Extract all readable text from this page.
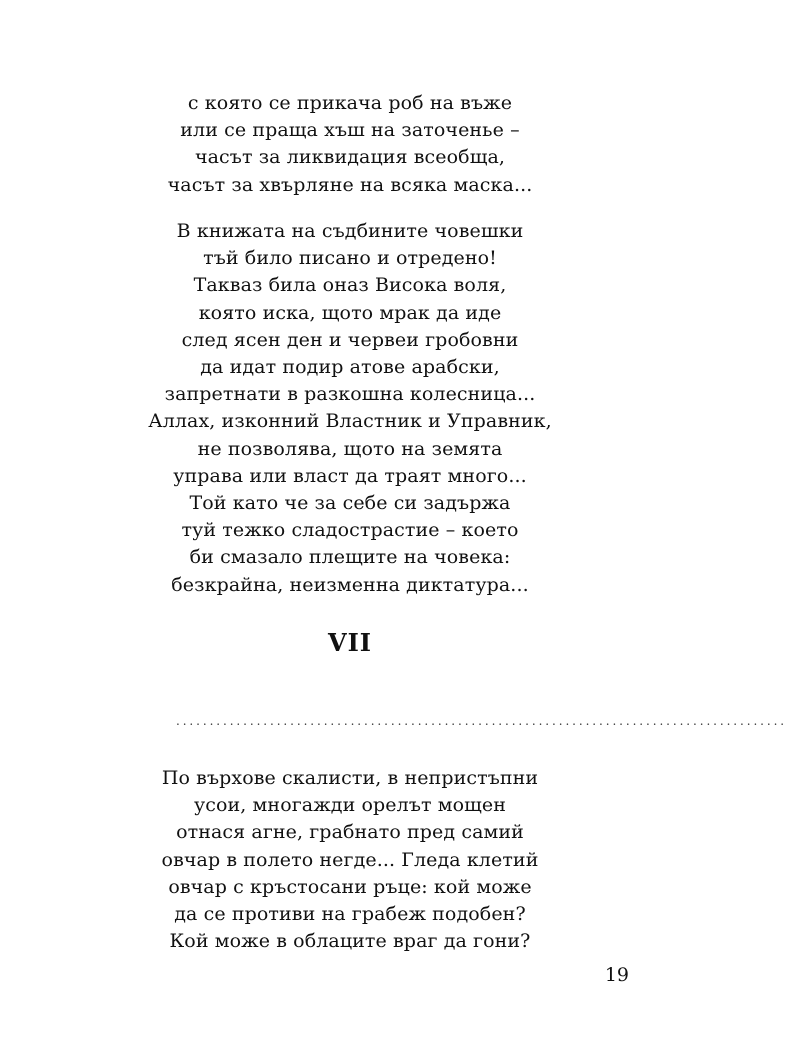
с която се прикача роб на въже
или се праща хъш на заточенье –
часът за ликвидация всеобща,
часът за хвърляне на всяка маска...
В книжата на съдбините човешки
тъй било писано и отредено!
Такваз била оназ Висока воля,
която иска, щото мрак да иде
след ясен ден и червеи гробовни
да идат подир атове арабски,
запретнати в разкошна колесница...
Аллах, изконний Властник и Управник,
не позволява, щото на земята
управа или власт да траят много...
Той като че за себе си задържа
туй тежко сладострастие – което
би смазало плещите на човека:
безкрайна, неизменна диктатура...
VII
...........................................................................................
По върхове скалисти, в непристъпни
усои, многажди орелът мощен
отнася агне, грабнато пред самий
овчар в полето негде... Гледа клетий
овчар с кръстосани ръце: кой може
да се противи на грабеж подобен?
Кой може в облаците враг да гони?
19
